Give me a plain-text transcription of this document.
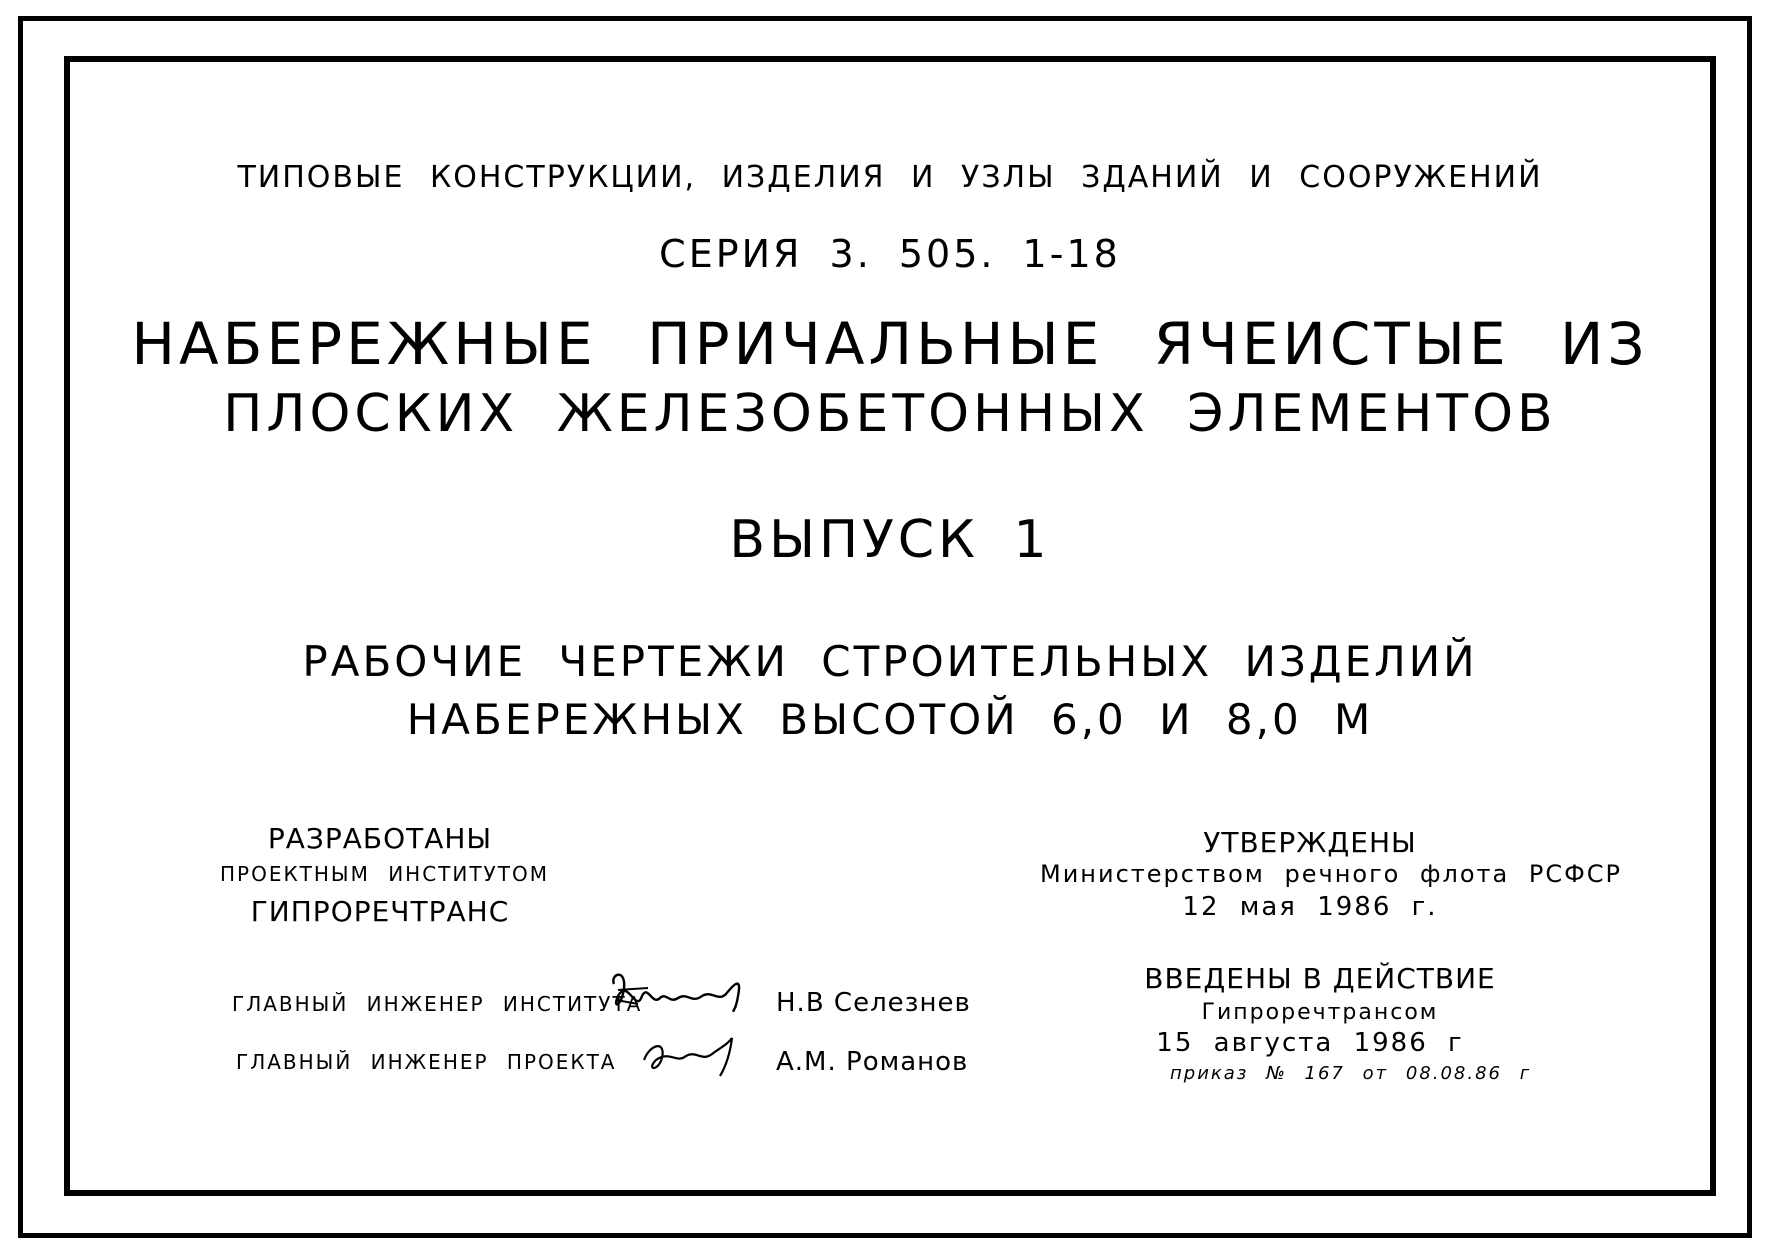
ТИПОВЫЕ КОНСТРУКЦИИ, ИЗДЕЛИЯ И УЗЛЫ ЗДАНИЙ И СООРУЖЕНИЙ
СЕРИЯ 3. 505. 1-18
НАБЕРЕЖНЫЕ ПРИЧАЛЬНЫЕ ЯЧЕИСТЫЕ ИЗ
ПЛОСКИХ ЖЕЛЕЗОБЕТОННЫХ ЭЛЕМЕНТОВ
ВЫПУСК 1
РАБОЧИЕ ЧЕРТЕЖИ СТРОИТЕЛЬНЫХ ИЗДЕЛИЙ
НАБЕРЕЖНЫХ ВЫСОТОЙ 6,0 И 8,0 М
РАЗРАБОТАНЫ
ПРОЕКТНЫМ ИНСТИТУТОМ
ГИПРОРЕЧТРАНС
ГЛАВНЫЙ ИНЖЕНЕР ИНСТИТУТА
ГЛАВНЫЙ ИНЖЕНЕР ПРОЕКТА
Н.В Селезнев
А.М. Романов
УТВЕРЖДЕНЫ
Министерством речного флота РСФСР
12 мая 1986 г.
ВВЕДЕНЫ В ДЕЙСТВИЕ
Гипроречтрансом
15 августа 1986 г
приказ № 167 от 08.08.86 г
